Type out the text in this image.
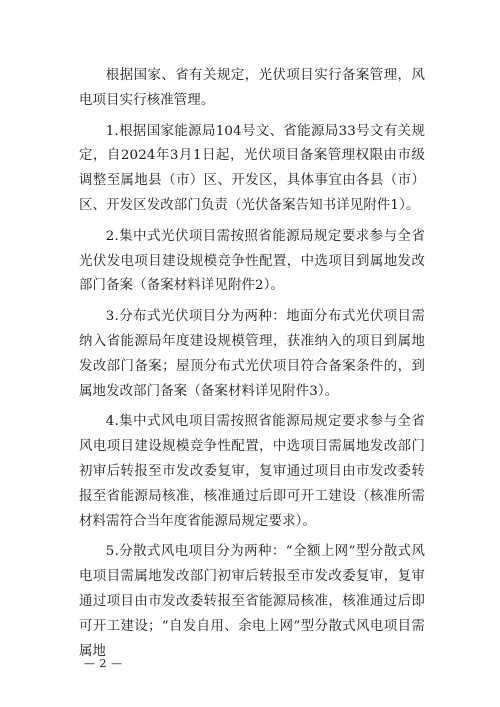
根据国家、省有关规定，光伏项目实行备案管理，风电项目实行核准管理。

1.根据国家能源局104号文、省能源局33号文有关规定，自2024年3月1日起，光伏项目备案管理权限由市级调整至属地县（市）区、开发区，具体事宜由各县（市）区、开发区发改部门负责（光伏备案告知书详见附件1）。

2.集中式光伏项目需按照省能源局规定要求参与全省光伏发电项目建设规模竞争性配置，中选项目到属地发改部门备案（备案材料详见附件2）。

3.分布式光伏项目分为两种：地面分布式光伏项目需纳入省能源局年度建设规模管理，获准纳入的项目到属地发改部门备案；屋顶分布式光伏项目符合备案条件的，到属地发改部门备案（备案材料详见附件3）。

4.集中式风电项目需按照省能源局规定要求参与全省风电项目建设规模竞争性配置，中选项目需属地发改部门初审后转报至市发改委复审，复审通过项目由市发改委转报至省能源局核准，核准通过后即可开工建设（核准所需材料需符合当年度省能源局规定要求）。

5.分散式风电项目分为两种：“全额上网”型分散式风电项目需属地发改部门初审后转报至市发改委复审，复审通过项目由市发改委转报至省能源局核准，核准通过后即可开工建设；“自发自用、余电上网”型分散式风电项目需属地

— 2 —
